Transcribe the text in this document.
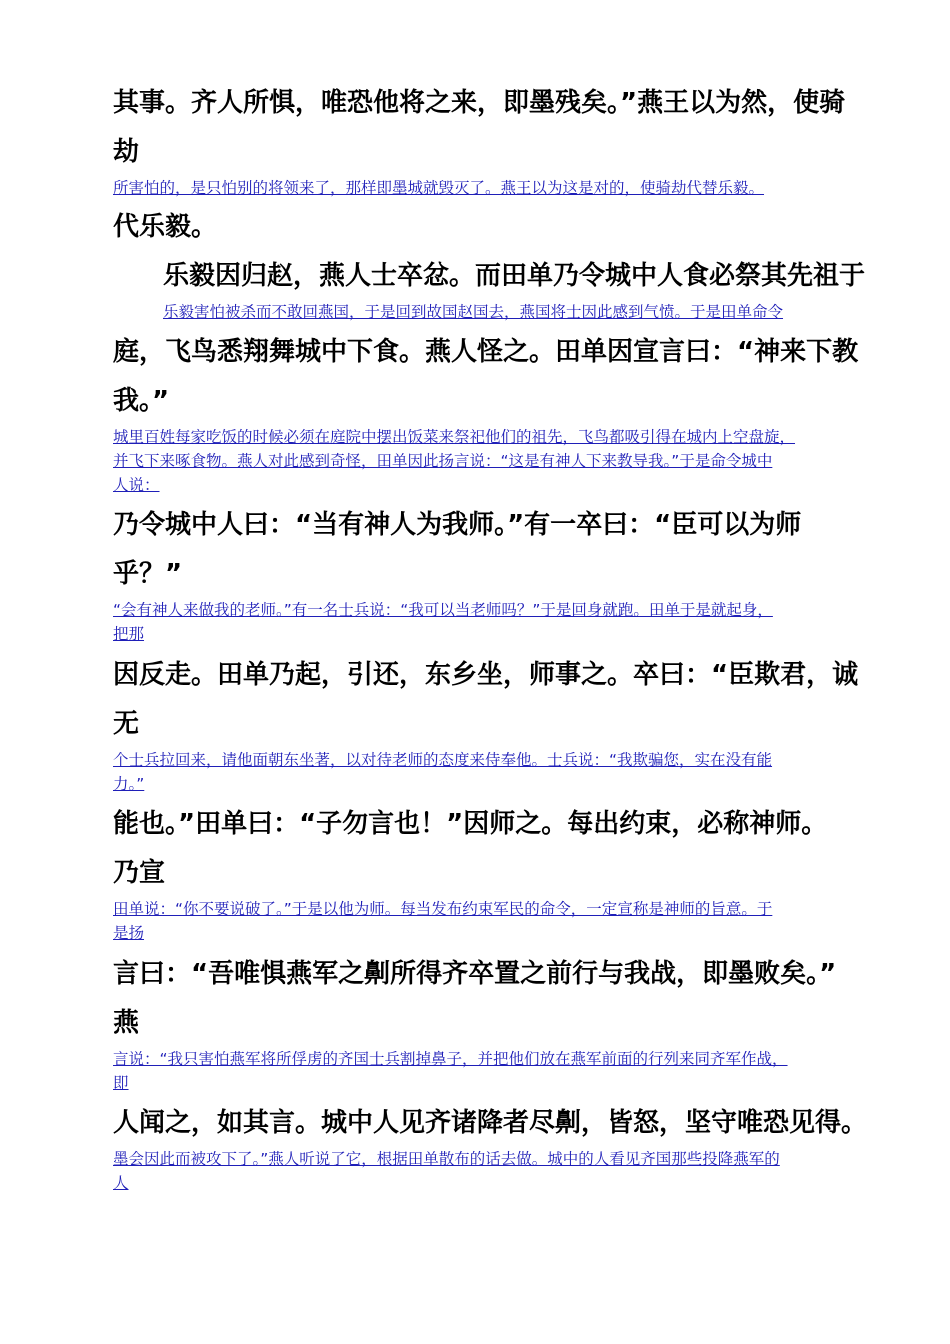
其事。齐人所惧，唯恐他将之来，即墨残矣。”燕王以为然，使骑

劫

所害怕的，是只怕别的将领来了，那样即墨城就毁灭了。燕王以为这是对的，使骑劫代替乐毅。

代乐毅。

乐毅因归赵，燕人士卒忿。而田单乃令城中人食必祭其先祖于

乐毅害怕被杀而不敢回燕国，于是回到故国赵国去，燕国将士因此感到气愤。于是田单命令

庭，飞鸟悉翔舞城中下食。燕人怪之。田单因宣言曰：“神来下教

我。”

城里百姓每家吃饭的时候必须在庭院中摆出饭菜来祭祀他们的祖先，飞鸟都吸引得在城内上空盘旋，

并飞下来啄食物。燕人对此感到奇怪，田单因此扬言说：“这是有神人下来教导我。”于是命令城中

人说：

乃令城中人曰：“当有神人为我师。”有一卒曰：“臣可以为师

乎？”

“会有神人来做我的老师。”有一名士兵说：“我可以当老师吗？”于是回身就跑。田单于是就起身，

把那

因反走。田单乃起，引还，东乡坐，师事之。卒曰：“臣欺君，诚

无

个士兵拉回来，请他面朝东坐著，以对待老师的态度来侍奉他。士兵说：“我欺骗您，实在没有能

力。”

能也。”田单曰：“子勿言也！”因师之。每出约束，必称神师。

乃宣

田单说：“你不要说破了。”于是以他为师。每当发布约束军民的命令，一定宣称是神师的旨意。于

是扬

言曰：“吾唯惧燕军之劓所得齐卒置之前行与我战，即墨败矣。”

燕

言说：“我只害怕燕军将所俘虏的齐国士兵割掉鼻子，并把他们放在燕军前面的行列来同齐军作战，

即

人闻之，如其言。城中人见齐诸降者尽劓，皆怒，坚守唯恐见得。

墨会因此而被攻下了。”燕人听说了它，根据田单散布的话去做。城中的人看见齐国那些投降燕军的

人
